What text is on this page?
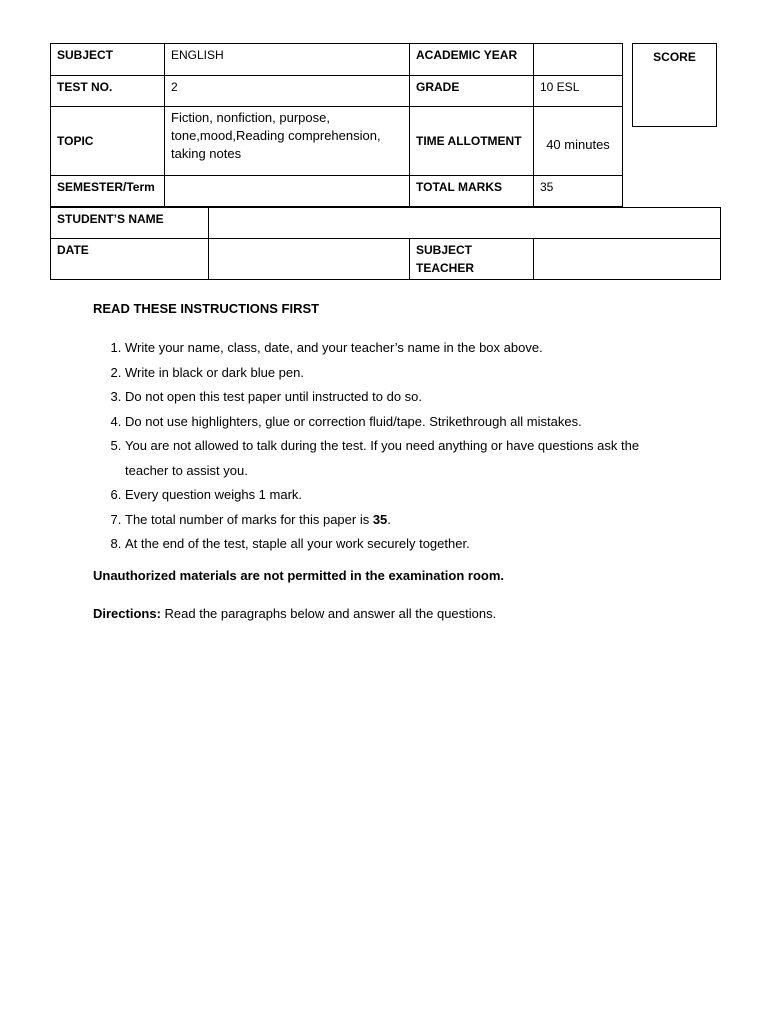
SUBJECT	ENGLISH	ACADEMIC YEAR	
TEST NO.	2	GRADE	10 ESL
TOPIC	Fiction, nonfiction, purpose, tone,mood,Reading comprehension, taking notes	TIME ALLOTMENT	40 minutes
SEMESTER/Term		TOTAL MARKS	35
SCORE
STUDENT’S NAME			
DATE		SUBJECT TEACHER	

READ THESE INSTRUCTIONS FIRST

1. Write your name, class, date, and your teacher’s name in the box above.
2. Write in black or dark blue pen.
3. Do not open this test paper until instructed to do so.
4. Do not use highlighters, glue or correction fluid/tape. Strikethrough all mistakes.
5. You are not allowed to talk during the test. If you need anything or have questions ask the teacher to assist you.
6. Every question weighs 1 mark.
7. The total number of marks for this paper is 35.
8. At the end of the test, staple all your work securely together.

Unauthorized materials are not permitted in the examination room.

Directions: Read the paragraphs below and answer all the questions.
